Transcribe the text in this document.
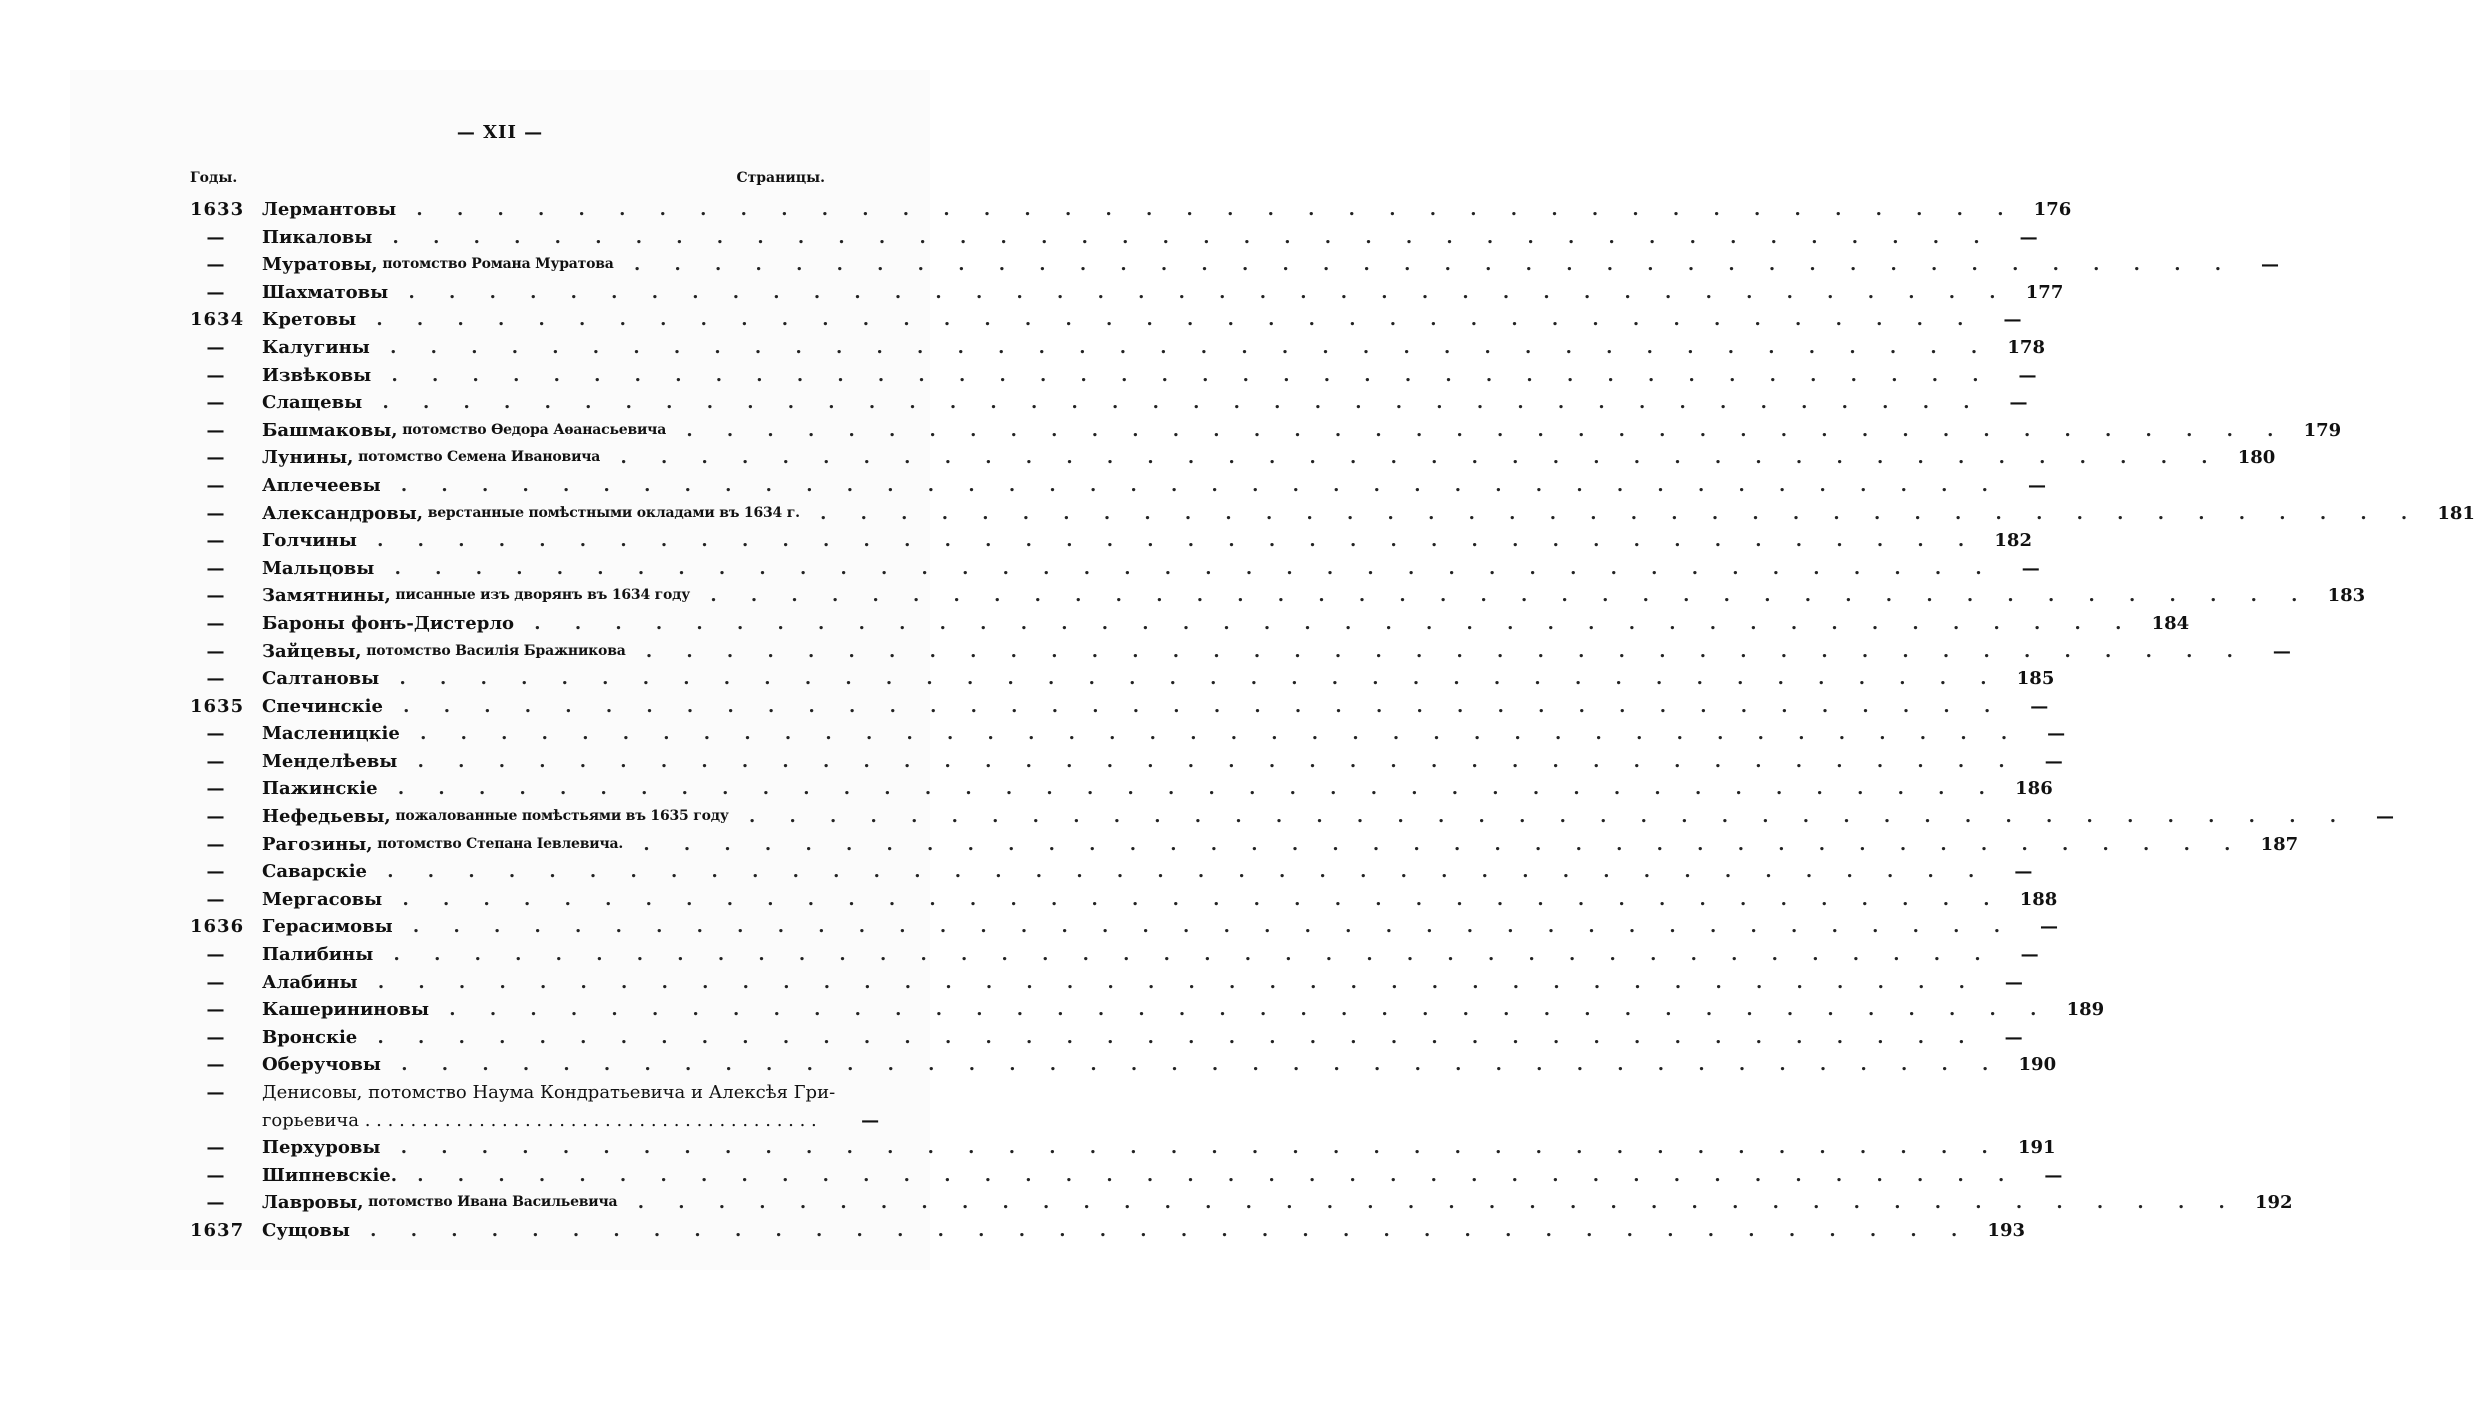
— XII —
Годы.	Страницы.
1633 Лермантовы . . . . . . . . . . . . . . . . . . . . . . . . . . . . . . . . . . . . . . . . 176
—	Пикаловы . . . . . . . . . . . . . . . . . . . . . . . . . . . . . . . . . . . . . . . .	—
—	Муратовы, потомство Романа Муратова . . . . . . . . . . . . . . . . . . . . . . . . . . . . . . . . . . . . . . . .	—
—	Шахматовы . . . . . . . . . . . . . . . . . . . . . . . . . . . . . . . . . . . . . . . . 177
1634 Кретовы . . . . . . . . . . . . . . . . . . . . . . . . . . . . . . . . . . . . . . . .	—
—	Калугины . . . . . . . . . . . . . . . . . . . . . . . . . . . . . . . . . . . . . . . . 178
—	Извѣковы . . . . . . . . . . . . . . . . . . . . . . . . . . . . . . . . . . . . . . . .	—
—	Слащевы . . . . . . . . . . . . . . . . . . . . . . . . . . . . . . . . . . . . . . . .	—
—	Башмаковы, потомство Өедора Аѳанасьевича . . . . . . . . . . . . . . . . . . . . . . . . . . . . . . . . . . . . . . . . 179
—	Лунины, потомство Семена Ивановича . . . . . . . . . . . . . . . . . . . . . . . . . . . . . . . . . . . . . . . . 180
—	Аплечеевы . . . . . . . . . . . . . . . . . . . . . . . . . . . . . . . . . . . . . . . .	—
—	Александровы, верстанные помѣстными окладами въ 1634 г. . . . . . . . . . . . . . . . . . . . . . . . . . . . . . . . . . . . . . . . . 181
—	Голчины . . . . . . . . . . . . . . . . . . . . . . . . . . . . . . . . . . . . . . . . 182
—	Мальцовы . . . . . . . . . . . . . . . . . . . . . . . . . . . . . . . . . . . . . . . .	—
—	Замятнины, писанные изъ дворянъ въ 1634 году . . . . . . . . . . . . . . . . . . . . . . . . . . . . . . . . . . . . . . . . 183
—	Бароны фонъ-Дистерло . . . . . . . . . . . . . . . . . . . . . . . . . . . . . . . . . . . . . . . . 184
—	Зайцевы, потомство Василія Бражникова . . . . . . . . . . . . . . . . . . . . . . . . . . . . . . . . . . . . . . . .	—
—	Салтановы . . . . . . . . . . . . . . . . . . . . . . . . . . . . . . . . . . . . . . . . 185
1635 Спечинскіе . . . . . . . . . . . . . . . . . . . . . . . . . . . . . . . . . . . . . . . .	—
—	Масленицкіе . . . . . . . . . . . . . . . . . . . . . . . . . . . . . . . . . . . . . . . .	—
—	Менделѣевы . . . . . . . . . . . . . . . . . . . . . . . . . . . . . . . . . . . . . . . .	—
—	Пажинскіе . . . . . . . . . . . . . . . . . . . . . . . . . . . . . . . . . . . . . . . . 186
—	Нефедьевы, пожалованные помѣстьями въ 1635 году . . . . . . . . . . . . . . . . . . . . . . . . . . . . . . . . . . . . . . . .	—
—	Рагозины, потомство Степана Іевлевича. . . . . . . . . . . . . . . . . . . . . . . . . . . . . . . . . . . . . . . . . 187
—	Саварскіе . . . . . . . . . . . . . . . . . . . . . . . . . . . . . . . . . . . . . . . .	—
—	Мергасовы . . . . . . . . . . . . . . . . . . . . . . . . . . . . . . . . . . . . . . . . 188
1636 Герасимовы . . . . . . . . . . . . . . . . . . . . . . . . . . . . . . . . . . . . . . . .	—
—	Палибины . . . . . . . . . . . . . . . . . . . . . . . . . . . . . . . . . . . . . . . .	—
—	Алабины . . . . . . . . . . . . . . . . . . . . . . . . . . . . . . . . . . . . . . . .	—
—	Кашерининовы . . . . . . . . . . . . . . . . . . . . . . . . . . . . . . . . . . . . . . . . 189
—	Вронскіе . . . . . . . . . . . . . . . . . . . . . . . . . . . . . . . . . . . . . . . .	—
—	Оберучовы . . . . . . . . . . . . . . . . . . . . . . . . . . . . . . . . . . . . . . . . 190
—	Денисовы, потомство Наума Кондратьевича и Алексѣя Гри-
горьевича . . . . . . . . . . . . . . . . . . . . . . . . . . . . . . . . . . . . . . . .	—
—	Перхуровы . . . . . . . . . . . . . . . . . . . . . . . . . . . . . . . . . . . . . . . . 191
—	Шипневскіе. . . . . . . . . . . . . . . . . . . . . . . . . . . . . . . . . . . . . . . . .	—
—	Лавровы, потомство Ивана Васильевича . . . . . . . . . . . . . . . . . . . . . . . . . . . . . . . . . . . . . . . . 192
1637 Сущовы . . . . . . . . . . . . . . . . . . . . . . . . . . . . . . . . . . . . . . . . 193
